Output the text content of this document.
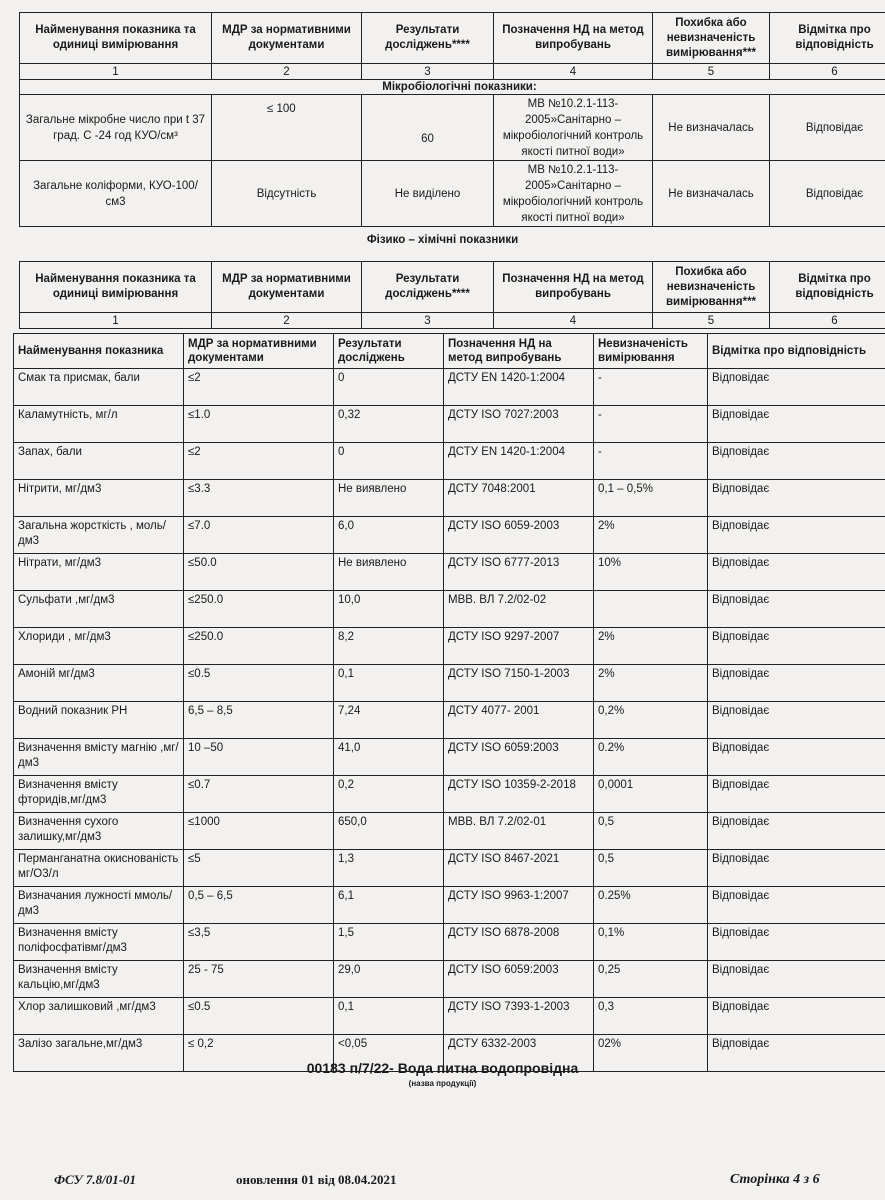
Найменування показника та одиниці вимірювання	МДР за нормативними документами	Результати досліджень****	Позначення НД на метод випробувань	Похибка або невизначеність вимірювання***	Відмітка про відповідність
1	2	3	4	5	6
Мікробіологічні показники:					
Загальне мікробне число при t 37 град. С -24 год КУО/см³	≤ 100	60	МВ №10.2.1-113-2005»Санітарно – мікробіологічний контроль якості питної води»	Не визначалась	Відповідає
Загальне коліформи, КУО-100/см3	Відсутність	Не виділено	МВ №10.2.1-113-2005»Санітарно – мікробіологічний контроль якості питної води»	Не визначалась	Відповідає
Фізико – хімічні показники
Найменування показника та одиниці вимірювання	МДР за нормативними документами	Результати досліджень****	Позначення НД на метод випробувань	Похибка або невизначеність вимірювання***	Відмітка про відповідність
1	2	3	4	5	6
Найменування показника	МДР за нормативними документами	Результати досліджень	Позначення НД на метод випробувань	Невизначеність вимірювання	Відмітка про відповідність
Смак та присмак, бали	≤2	0	ДСТУ EN 1420-1:2004	-	Відповідає
Каламутність, мг/л	≤1.0	0,32	ДСТУ ISO 7027:2003	-	Відповідає
Запах, бали	≤2	0	ДСТУ EN 1420-1:2004	-	Відповідає
Нітрити, мг/дм3	≤3.3	Не виявлено	ДСТУ 7048:2001	0,1 – 0,5%	Відповідає
Загальна жорсткість , моль/дм3	≤7.0	6,0	ДСТУ ISO 6059-2003	2%	Відповідає
Нітрати, мг/дм3	≤50.0	Не виявлено	ДСТУ ISO 6777-2013	10%	Відповідає
Сульфати ,мг/дм3	≤250.0	10,0	МВВ. ВЛ 7.2/02-02		Відповідає
Хлориди , мг/дм3	≤250.0	8,2	ДСТУ ISO 9297-2007	2%	Відповідає
Амоній мг/дм3	≤0.5	0,1	ДСТУ ISO 7150-1-2003	2%	Відповідає
Водний показник РН	6,5 – 8,5	7,24	ДСТУ 4077- 2001	0,2%	Відповідає
Визначення вмісту магнію ,мг/дм3	10 –50	41,0	ДСТУ ISO 6059:2003	0.2%	Відповідає
Визначення вмісту фторидів,мг/дм3	≤0.7	0,2	ДСТУ ISO 10359-2-2018	0,0001	Відповідає
Визначення сухого залишку,мг/дм3	≤1000	650,0	МВВ. ВЛ 7.2/02-01	0,5	Відповідає
Перманганатна окиснованість мг/О3/л	≤5	1,3	ДСТУ ISO 8467-2021	0,5	Відповідає
Визначания лужності ммоль/дм3	0,5 – 6,5	6,1	ДСТУ ISO 9963-1:2007	0.25%	Відповідає
Визначення вмісту поліфосфатівмг/дм3	≤3,5	1,5	ДСТУ ISO 6878-2008	0,1%	Відповідає
Визначення вмісту кальцію,мг/дм3	25 - 75	29,0	ДСТУ ISO 6059:2003	0,25	Відповідає
Хлор залишковий ,мг/дм3	≤0.5	0,1	ДСТУ ISO 7393-1-2003	0,3	Відповідає
Залізо загальне,мг/дм3	≤ 0,2	<0,05	ДСТУ 6332-2003	02%	Відповідає
00183 п/7/22- Вода питна водопровідна
(назва продукції)
ФСУ 7.8/01-01	оновлення 01 від 08.04.2021	Сторінка 4 з 6
